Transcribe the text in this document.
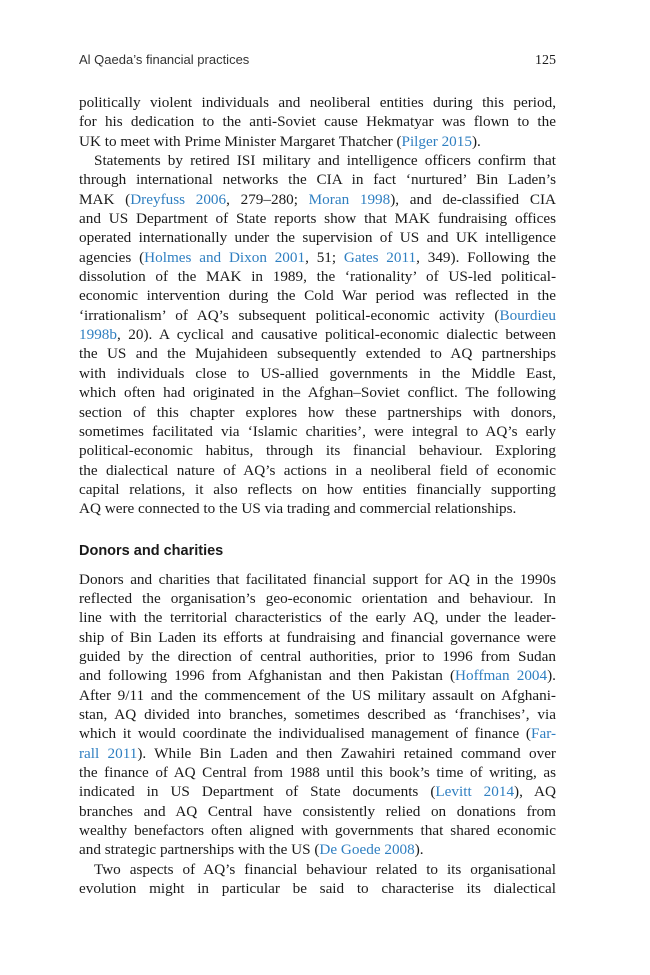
Al Qaeda’s financial practices	125

politically violent individuals and neoliberal entities during this period,
for his dedication to the anti-Soviet cause Hekmatyar was flown to the
UK to meet with Prime Minister Margaret Thatcher (Pilger 2015).

Statements by retired ISI military and intelligence officers confirm that
through international networks the CIA in fact ‘nurtured’ Bin Laden’s
MAK (Dreyfuss 2006, 279–280; Moran 1998), and de-classified CIA
and US Department of State reports show that MAK fundraising offices
operated internationally under the supervision of US and UK intelligence
agencies (Holmes and Dixon 2001, 51; Gates 2011, 349). Following the
dissolution of the MAK in 1989, the ‘rationality’ of US-led political-
economic intervention during the Cold War period was reflected in the
‘irrationalism’ of AQ’s subsequent political-economic activity (Bourdieu
1998b, 20). A cyclical and causative political-economic dialectic between
the US and the Mujahideen subsequently extended to AQ partnerships
with individuals close to US-allied governments in the Middle East,
which often had originated in the Afghan–Soviet conflict. The following
section of this chapter explores how these partnerships with donors,
sometimes facilitated via ‘Islamic charities’, were integral to AQ’s early
political-economic habitus, through its financial behaviour. Exploring
the dialectical nature of AQ’s actions in a neoliberal field of economic
capital relations, it also reflects on how entities financially supporting
AQ were connected to the US via trading and commercial relationships.

Donors and charities

Donors and charities that facilitated financial support for AQ in the 1990s
reflected the organisation’s geo-economic orientation and behaviour. In
line with the territorial characteristics of the early AQ, under the leader-
ship of Bin Laden its efforts at fundraising and financial governance were
guided by the direction of central authorities, prior to 1996 from Sudan
and following 1996 from Afghanistan and then Pakistan (Hoffman 2004).
After 9/11 and the commencement of the US military assault on Afghani-
stan, AQ divided into branches, sometimes described as ‘franchises’, via
which it would coordinate the individualised management of finance (Far-
rall 2011). While Bin Laden and then Zawahiri retained command over
the finance of AQ Central from 1988 until this book’s time of writing, as
indicated in US Department of State documents (Levitt 2014), AQ
branches and AQ Central have consistently relied on donations from
wealthy benefactors often aligned with governments that shared economic
and strategic partnerships with the US (De Goede 2008).

Two aspects of AQ’s financial behaviour related to its organisational
evolution might in particular be said to characterise its dialectical
